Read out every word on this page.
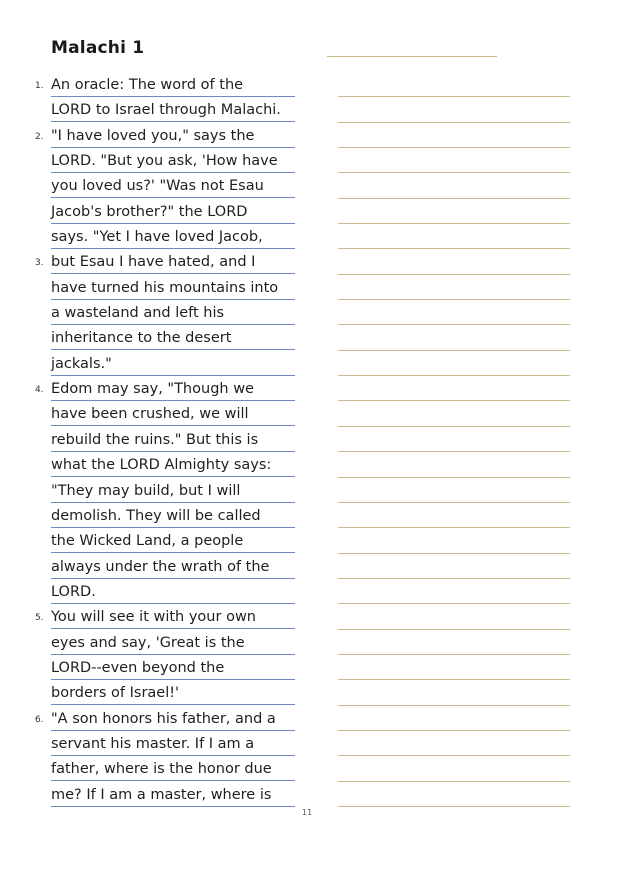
Malachi 1
1. An oracle: The word of the
LORD to Israel through Malachi.
2. "I have loved you," says the
LORD. "But you ask, 'How have
you loved us?' "Was not Esau
Jacob's brother?" the LORD
says. "Yet I have loved Jacob,
3. but Esau I have hated, and I
have turned his mountains into
a wasteland and left his
inheritance to the desert
jackals."
4. Edom may say, "Though we
have been crushed, we will
rebuild the ruins." But this is
what the LORD Almighty says:
"They may build, but I will
demolish. They will be called
the Wicked Land, a people
always under the wrath of the
LORD.
5. You will see it with your own
eyes and say, 'Great is the
LORD--even beyond the
borders of Israel!'
6. "A son honors his father, and a
servant his master. If I am a
father, where is the honor due
me? If I am a master, where is
11
